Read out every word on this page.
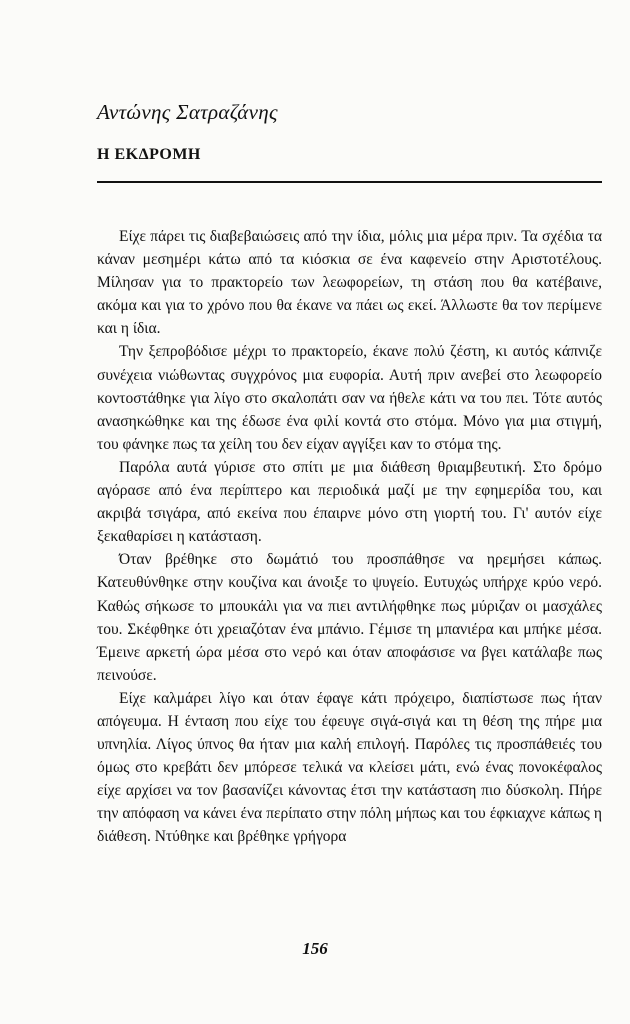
Αντώνης Σατραζάνης
Η ΕΚΔΡΟΜΗ

Είχε πάρει τις διαβεβαιώσεις από την ίδια, μόλις μια μέρα πριν. Τα σχέδια τα κάναν μεσημέρι κάτω από τα κιόσκια σε ένα καφενείο στην Αριστοτέλους. Μίλησαν για το πρακτορείο των λεωφορείων, τη στάση που θα κατέβαινε, ακόμα και για το χρόνο που θα έκανε να πάει ως εκεί. Άλλωστε θα τον περίμενε και η ίδια.

Την ξεπροβόδισε μέχρι το πρακτορείο, έκανε πολύ ζέστη, κι αυτός κάπνιζε συνέχεια νιώθωντας συγχρόνος μια ευφορία. Αυτή πριν ανεβεί στο λεωφορείο κοντοστάθηκε για λίγο στο σκαλοπάτι σαν να ήθελε κάτι να του πει. Τότε αυτός ανασηκώθηκε και της έδωσε ένα φιλί κοντά στο στόμα. Μόνο για μια στιγμή, του φάνηκε πως τα χείλη του δεν είχαν αγγίξει καν το στόμα της.

Παρόλα αυτά γύρισε στο σπίτι με μια διάθεση θριαμβευτική. Στο δρόμο αγόρασε από ένα περίπτερο και περιοδικά μαζί με την εφημερίδα του, και ακριβά τσιγάρα, από εκείνα που έπαιρνε μόνο στη γιορτή του. Γι' αυτόν είχε ξεκαθαρίσει η κατάσταση.

Όταν βρέθηκε στο δωμάτιό του προσπάθησε να ηρεμήσει κάπως. Κατευθύνθηκε στην κουζίνα και άνοιξε το ψυγείο. Ευτυχώς υπήρχε κρύο νερό. Καθώς σήκωσε το μπουκάλι για να πιει αντιλήφθηκε πως μύριζαν οι μασχάλες του. Σκέφθηκε ότι χρειαζόταν ένα μπάνιο. Γέμισε τη μπανιέρα και μπήκε μέσα. Έμεινε αρκετή ώρα μέσα στο νερό και όταν αποφάσισε να βγει κατάλαβε πως πεινούσε.

Είχε καλμάρει λίγο και όταν έφαγε κάτι πρόχειρο, διαπίστωσε πως ήταν απόγευμα. Η ένταση που είχε του έφευγε σιγά-σιγά και τη θέση της πήρε μια υπνηλία. Λίγος ύπνος θα ήταν μια καλή επιλογή. Παρόλες τις προσπάθειές του όμως στο κρεβάτι δεν μπόρεσε τελικά να κλείσει μάτι, ενώ ένας πονοκέφαλος είχε αρχίσει να τον βασανίζει κάνοντας έτσι την κατάσταση πιο δύσκολη. Πήρε την απόφαση να κάνει ένα περίπατο στην πόλη μήπως και του έφκιαχνε κάπως η διάθεση. Ντύθηκε και βρέθηκε γρήγορα

156
